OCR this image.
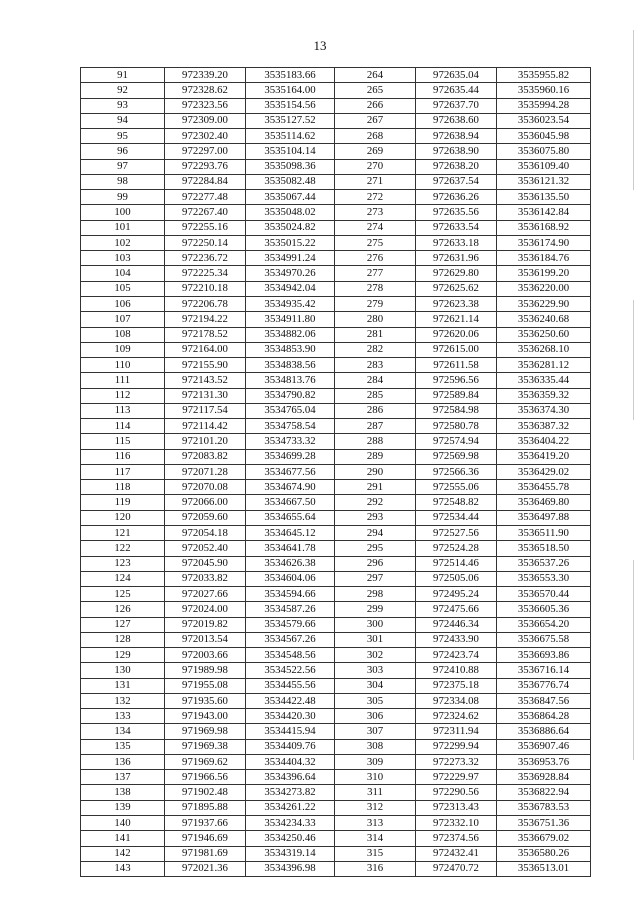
13
91	972339.20	3535183.66	264	972635.04	3535955.82
92	972328.62	3535164.00	265	972635.44	3535960.16
93	972323.56	3535154.56	266	972637.70	3535994.28
94	972309.00	3535127.52	267	972638.60	3536023.54
95	972302.40	3535114.62	268	972638.94	3536045.98
96	972297.00	3535104.14	269	972638.90	3536075.80
97	972293.76	3535098.36	270	972638.20	3536109.40
98	972284.84	3535082.48	271	972637.54	3536121.32
99	972277.48	3535067.44	272	972636.26	3536135.50
100	972267.40	3535048.02	273	972635.56	3536142.84
101	972255.16	3535024.82	274	972633.54	3536168.92
102	972250.14	3535015.22	275	972633.18	3536174.90
103	972236.72	3534991.24	276	972631.96	3536184.76
104	972225.34	3534970.26	277	972629.80	3536199.20
105	972210.18	3534942.04	278	972625.62	3536220.00
106	972206.78	3534935.42	279	972623.38	3536229.90
107	972194.22	3534911.80	280	972621.14	3536240.68
108	972178.52	3534882.06	281	972620.06	3536250.60
109	972164.00	3534853.90	282	972615.00	3536268.10
110	972155.90	3534838.56	283	972611.58	3536281.12
111	972143.52	3534813.76	284	972596.56	3536335.44
112	972131.30	3534790.82	285	972589.84	3536359.32
113	972117.54	3534765.04	286	972584.98	3536374.30
114	972114.42	3534758.54	287	972580.78	3536387.32
115	972101.20	3534733.32	288	972574.94	3536404.22
116	972083.82	3534699.28	289	972569.98	3536419.20
117	972071.28	3534677.56	290	972566.36	3536429.02
118	972070.08	3534674.90	291	972555.06	3536455.78
119	972066.00	3534667.50	292	972548.82	3536469.80
120	972059.60	3534655.64	293	972534.44	3536497.88
121	972054.18	3534645.12	294	972527.56	3536511.90
122	972052.40	3534641.78	295	972524.28	3536518.50
123	972045.90	3534626.38	296	972514.46	3536537.26
124	972033.82	3534604.06	297	972505.06	3536553.30
125	972027.66	3534594.66	298	972495.24	3536570.44
126	972024.00	3534587.26	299	972475.66	3536605.36
127	972019.82	3534579.66	300	972446.34	3536654.20
128	972013.54	3534567.26	301	972433.90	3536675.58
129	972003.66	3534548.56	302	972423.74	3536693.86
130	971989.98	3534522.56	303	972410.88	3536716.14
131	971955.08	3534455.56	304	972375.18	3536776.74
132	971935.60	3534422.48	305	972334.08	3536847.56
133	971943.00	3534420.30	306	972324.62	3536864.28
134	971969.98	3534415.94	307	972311.94	3536886.64
135	971969.38	3534409.76	308	972299.94	3536907.46
136	971969.62	3534404.32	309	972273.32	3536953.76
137	971966.56	3534396.64	310	972229.97	3536928.84
138	971902.48	3534273.82	311	972290.56	3536822.94
139	971895.88	3534261.22	312	972313.43	3536783.53
140	971937.66	3534234.33	313	972332.10	3536751.36
141	971946.69	3534250.46	314	972374.56	3536679.02
142	971981.69	3534319.14	315	972432.41	3536580.26
143	972021.36	3534396.98	316	972470.72	3536513.01
